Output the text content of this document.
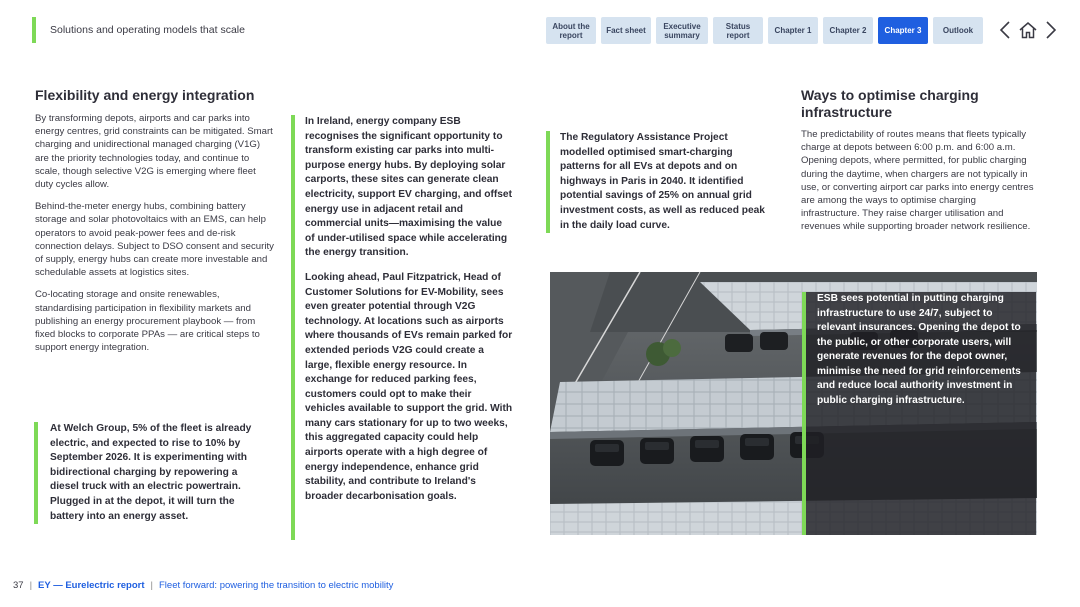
Solutions and operating models that scale	About the report	Fact sheet	Executive summary
Status report	Chapter 1	Chapter 2	Chapter 3	Outlook
Flexibility and energy integration

By transforming depots, airports and car parks into energy centres, grid constraints can be mitigated. Smart charging and unidirectional managed charging (V1G) are the priority technologies today, and continue to scale, though selective V2G is emerging where fleet duty cycles allow.

Behind-the-meter energy hubs, combining battery storage and solar photovoltaics with an EMS, can help operators to avoid peak-power fees and de-risk connection delays. Subject to DSO consent and security of supply, energy hubs can create more investable and schedulable assets at logistics sites.

Co-locating storage and onsite renewables, standardising participation in flexibility markets and publishing an energy procurement playbook — from fixed blocks to corporate PPAs — are critical steps to support energy integration.

At Welch Group, 5% of the fleet is already electric, and expected to rise to 10% by September 2026. It is experimenting with bidirectional charging by repowering a diesel truck with an electric powertrain. Plugged in at the depot, it will turn the battery into an energy asset.

In Ireland, energy company ESB recognises the significant opportunity to transform existing car parks into multi-purpose energy hubs. By deploying solar carports, these sites can generate clean electricity, support EV charging, and offset energy use in adjacent retail and commercial units—maximising the value of under-utilised space while accelerating the energy transition.

Looking ahead, Paul Fitzpatrick, Head of Customer Solutions for EV-Mobility, sees even greater potential through V2G technology. At locations such as airports where thousands of EVs remain parked for extended periods V2G could create a large, flexible energy resource. In exchange for reduced parking fees, customers could opt to make their vehicles available to support the grid. With many cars stationary for up to two weeks, this aggregated capacity could help airports operate with a high degree of energy independence, enhance grid stability, and contribute to Ireland's broader decarbonisation goals.

The Regulatory Assistance Project modelled optimised smart-charging patterns for all EVs at depots and on highways in Paris in 2040. It identified potential savings of 25% on annual grid investment costs, as well as reduced peak in the daily load curve.
Ways to optimise charging infrastructure
The predictability of routes means that fleets typically charge at depots between 6:00 p.m. and 6:00 a.m. Opening depots, where permitted, for public charging during the daytime, when chargers are not typically in use, or converting airport car parks into energy centres are among the ways to optimise charging infrastructure. They raise charger utilisation and revenues while supporting broader network resilience.
ESB sees potential in putting charging infrastructure to use 24/7, subject to relevant insurances. Opening the depot to the public, or other corporate users, will generate revenues for the depot owner, minimise the need for grid reinforcements and reduce local authority investment in public charging infrastructure.
37 | EY — Eurelectric report | Fleet forward: powering the transition to electric mobility
